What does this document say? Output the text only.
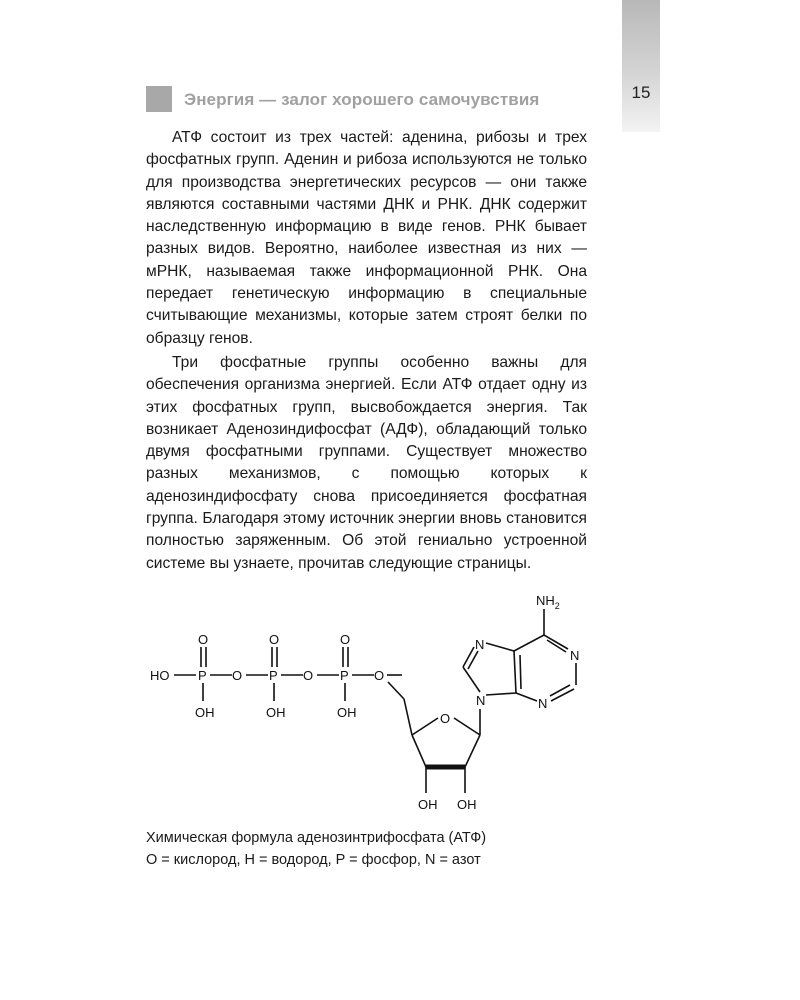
15
Энергия — залог хорошего самочувствия

АТФ состоит из трех частей: аденина, рибозы и трех фосфатных групп. Аденин и рибоза используются не только для производства энергетических ресурсов — они также являются составными частями ДНК и РНК. ДНК содержит наследственную информацию в виде генов. РНК бывает разных видов. Вероятно, наиболее известная из них — мРНК, называемая также информационной РНК. Она передает генетическую информацию в специальные считывающие механизмы, которые затем строят белки по образцу генов.

Три фосфатные группы особенно важны для обеспечения организма энергией. Если АТФ отдает одну из этих фосфатных групп, высвобождается энергия. Так возникает Аденозиндифосфат (АДФ), обладающий только двумя фосфатными группами. Существует множество разных механизмов, с помощью которых к аденозиндифосфату снова присоединяется фосфатная группа. Благодаря этому источник энергии вновь становится полностью заряженным. Об этой гениально устроенной системе вы узнаете, прочитав следующие страницы.

HO P	P	P
O	O	O
O	O	O
OH	OH	OH	O
OH OH
N
N
N
N
$NH_2$
Химическая формула аденозинтрифосфата (АТФ)
O = кислород, H = водород, P = фосфор, N = азот
